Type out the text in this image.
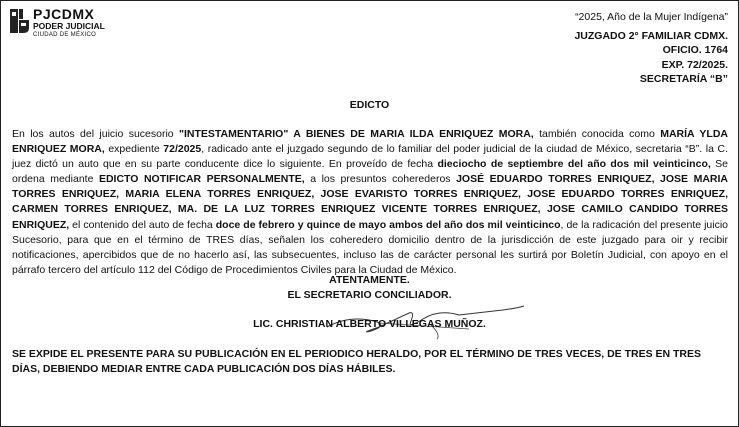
PJCDMX
PODER JUDICIAL
CIUDAD DE MÉXICO
“2025, Año de la Mujer Indígena”
JUZGADO 2° FAMILIAR CDMX.
OFICIO. 1764
EXP. 72/2025.
SECRETARÍA “B”
EDICTO
En los autos del juicio sucesorio "INTESTAMENTARIO" A BIENES DE MARIA ILDA ENRIQUEZ MORA, también conocida como MARÍA YLDA ENRIQUEZ MORA, expediente 72/2025, radicado ante el juzgado segundo de lo familiar del poder judicial de la ciudad de México, secretaria “B”. la C. juez dictó un auto que en su parte conducente dice lo siguiente. En proveído de fecha dieciocho de septiembre del año dos mil veinticinco, Se ordena mediante EDICTO NOTIFICAR PERSONALMENTE, a los presuntos coherederos JOSÉ EDUARDO TORRES ENRIQUEZ, JOSE MARIA TORRES ENRIQUEZ, MARIA ELENA TORRES ENRIQUEZ, JOSE EVARISTO TORRES ENRIQUEZ, JOSE EDUARDO TORRES ENRIQUEZ, CARMEN TORRES ENRIQUEZ, MA. DE LA LUZ TORRES ENRIQUEZ VICENTE TORRES ENRIQUEZ, JOSE CAMILO CANDIDO TORRES ENRIQUEZ, el contenido del auto de fecha doce de febrero y quince de mayo ambos del año dos mil veinticinco, de la radicación del presente juicio Sucesorio, para que en el término de TRES días, señalen los coheredero domicilio dentro de la jurisdicción de este juzgado para oir y recibir notificaciones, apercibidos que de no hacerlo así, las subsecuentes, incluso las de carácter personal les surtirá por Boletín Judicial, con apoyo en el párrafo tercero del artículo 112 del Código de Procedimientos Civiles para la Ciudad de México.
ATENTAMENTE.
EL SECRETARIO CONCILIADOR.
LIC. CHRISTIAN ALBERTO VILLEGAS MUÑOZ.
SE EXPIDE EL PRESENTE PARA SU PUBLICACIÓN EN EL PERIODICO HERALDO, POR EL TÉRMINO DE TRES VECES, DE TRES EN TRES DÍAS, DEBIENDO MEDIAR ENTRE CADA PUBLICACIÓN DOS DÍAS HÁBILES.
